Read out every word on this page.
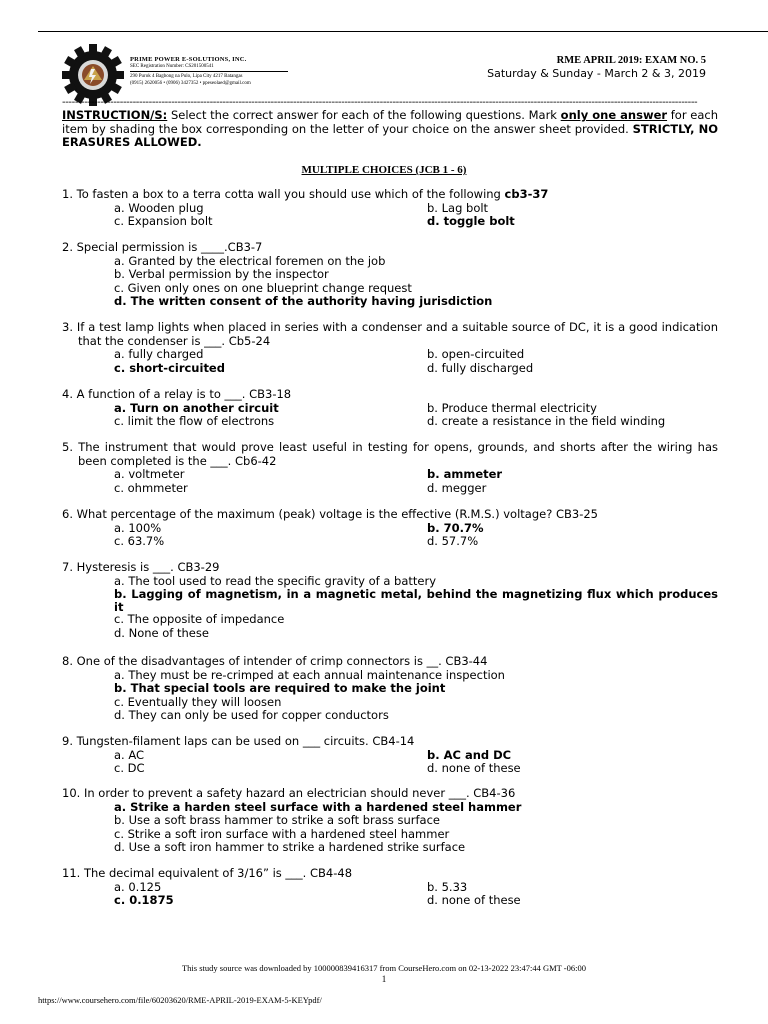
PRIME POWER E-SOLUTIONS, INC.
SEC Registration Number: CS201500541
290 Purok 4 Bagbong na Pulo, Lipa City 4217 Batangas
(0915) 2620056 • (0906) 3427352 • ppeseolaed@gmail.com
RME APRIL 2019: EXAM NO. 5
Saturday & Sunday - March 2 & 3, 2019
------------------------------------------------------------------------------------------------------------------------------------------------------------------------------------------------------
INSTRUCTION/S: Select the correct answer for each of the following questions. Mark only one answer for each item by shading the box corresponding on the letter of your choice on the answer sheet provided. STRICTLY, NO ERASURES ALLOWED.
MULTIPLE CHOICES (JCB 1 - 6)
1. To fasten a box to a terra cotta wall you should use which of the following cb3-37
a. Wooden plug	b. Lag bolt
c. Expansion bolt	d. toggle bolt
2. Special permission is ____.CB3-7
a. Granted by the electrical foremen on the job
b. Verbal permission by the inspector
c. Given only ones on one blueprint change request
d. The written consent of the authority having jurisdiction
3. If a test lamp lights when placed in series with a condenser and a suitable source of DC, it is a good indication that the condenser is ___. Cb5-24
a. fully charged	b. open-circuited
c. short-circuited	d. fully discharged
4. A function of a relay is to ___. CB3-18
a. Turn on another circuit	b. Produce thermal electricity
c. limit the flow of electrons	d. create a resistance in the field winding
5. The instrument that would prove least useful in testing for opens, grounds, and shorts after the wiring has been completed is the ___. Cb6-42
a. voltmeter	b. ammeter
c. ohmmeter	d. megger
6. What percentage of the maximum (peak) voltage is the effective (R.M.S.) voltage? CB3-25
a. 100%	b. 70.7%
c. 63.7%	d. 57.7%
7. Hysteresis is ___. CB3-29
a. The tool used to read the specific gravity of a battery
b. Lagging of magnetism, in a magnetic metal, behind the magnetizing flux which produces it
c. The opposite of impedance
d. None of these
8. One of the disadvantages of intender of crimp connectors is __. CB3-44
a. They must be re-crimped at each annual maintenance inspection
b. That special tools are required to make the joint
c. Eventually they will loosen
d. They can only be used for copper conductors
9. Tungsten-filament laps can be used on ___ circuits. CB4-14
a. AC	b. AC and DC
c. DC	d. none of these
10. In order to prevent a safety hazard an electrician should never ___. CB4-36
a. Strike a harden steel surface with a hardened steel hammer
b. Use a soft brass hammer to strike a soft brass surface
c. Strike a soft iron surface with a hardened steel hammer
d. Use a soft iron hammer to strike a hardened strike surface
11. The decimal equivalent of 3/16” is ___. CB4-48
a. 0.125	b. 5.33
c. 0.1875	d. none of these
This study source was downloaded by 100000839416317 from CourseHero.com on 02-13-2022 23:47:44 GMT -06:00
1
https://www.coursehero.com/file/60203620/RME-APRIL-2019-EXAM-5-KEYpdf/
